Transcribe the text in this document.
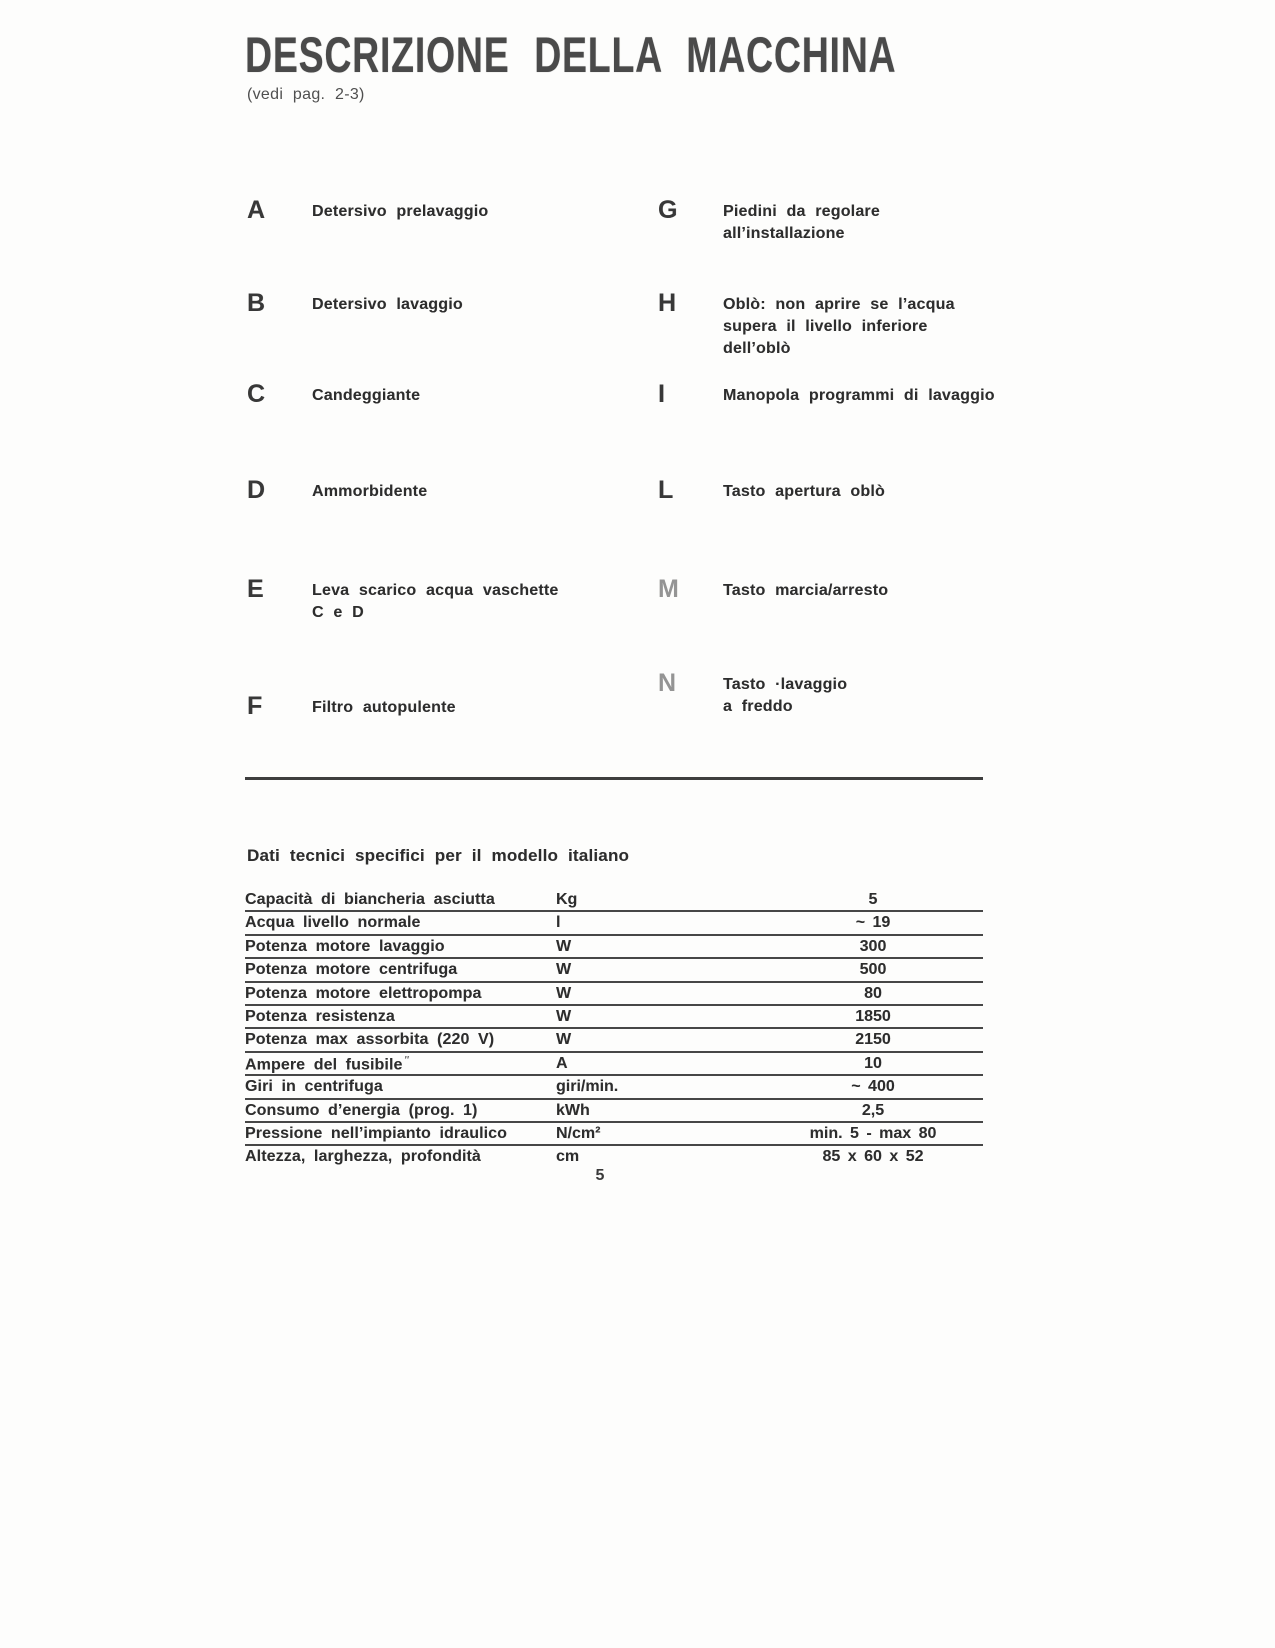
DESCRIZIONE DELLA MACCHINA
(vedi pag. 2-3)
A	Detersivo prelavaggio
B	Detersivo lavaggio
C	Candeggiante
D	Ammorbidente
E	Leva scarico acqua vaschette
C e D
F	Filtro autopulente
G	Piedini da regolare
all’installazione
H	Oblò: non aprire se l’acqua
supera il livello inferiore
dell’oblò
I	Manopola programmi di lavaggio
L	Tasto apertura oblò
M	Tasto marcia/arresto
N	Tasto ·lavaggio
a freddo
Dati tecnici specifici per il modello italiano
Capacità di biancheria asciutta	Kg	5
Acqua livello normale	l	~ 19
Potenza motore lavaggio	W	300
Potenza motore centrifuga	W	500
Potenza motore elettropompa	W	80
Potenza resistenza	W	1850
Potenza max assorbita (220 V)	W	2150
Ampere del fusibile ″	A	10
Giri in centrifuga	giri/min.	~ 400
Consumo d’energia (prog. 1)	kWh	2,5
Pressione nell’impianto idraulico	N/cm²	min. 5 - max 80
Altezza, larghezza, profondità	cm	85 x 60 x 52
5
